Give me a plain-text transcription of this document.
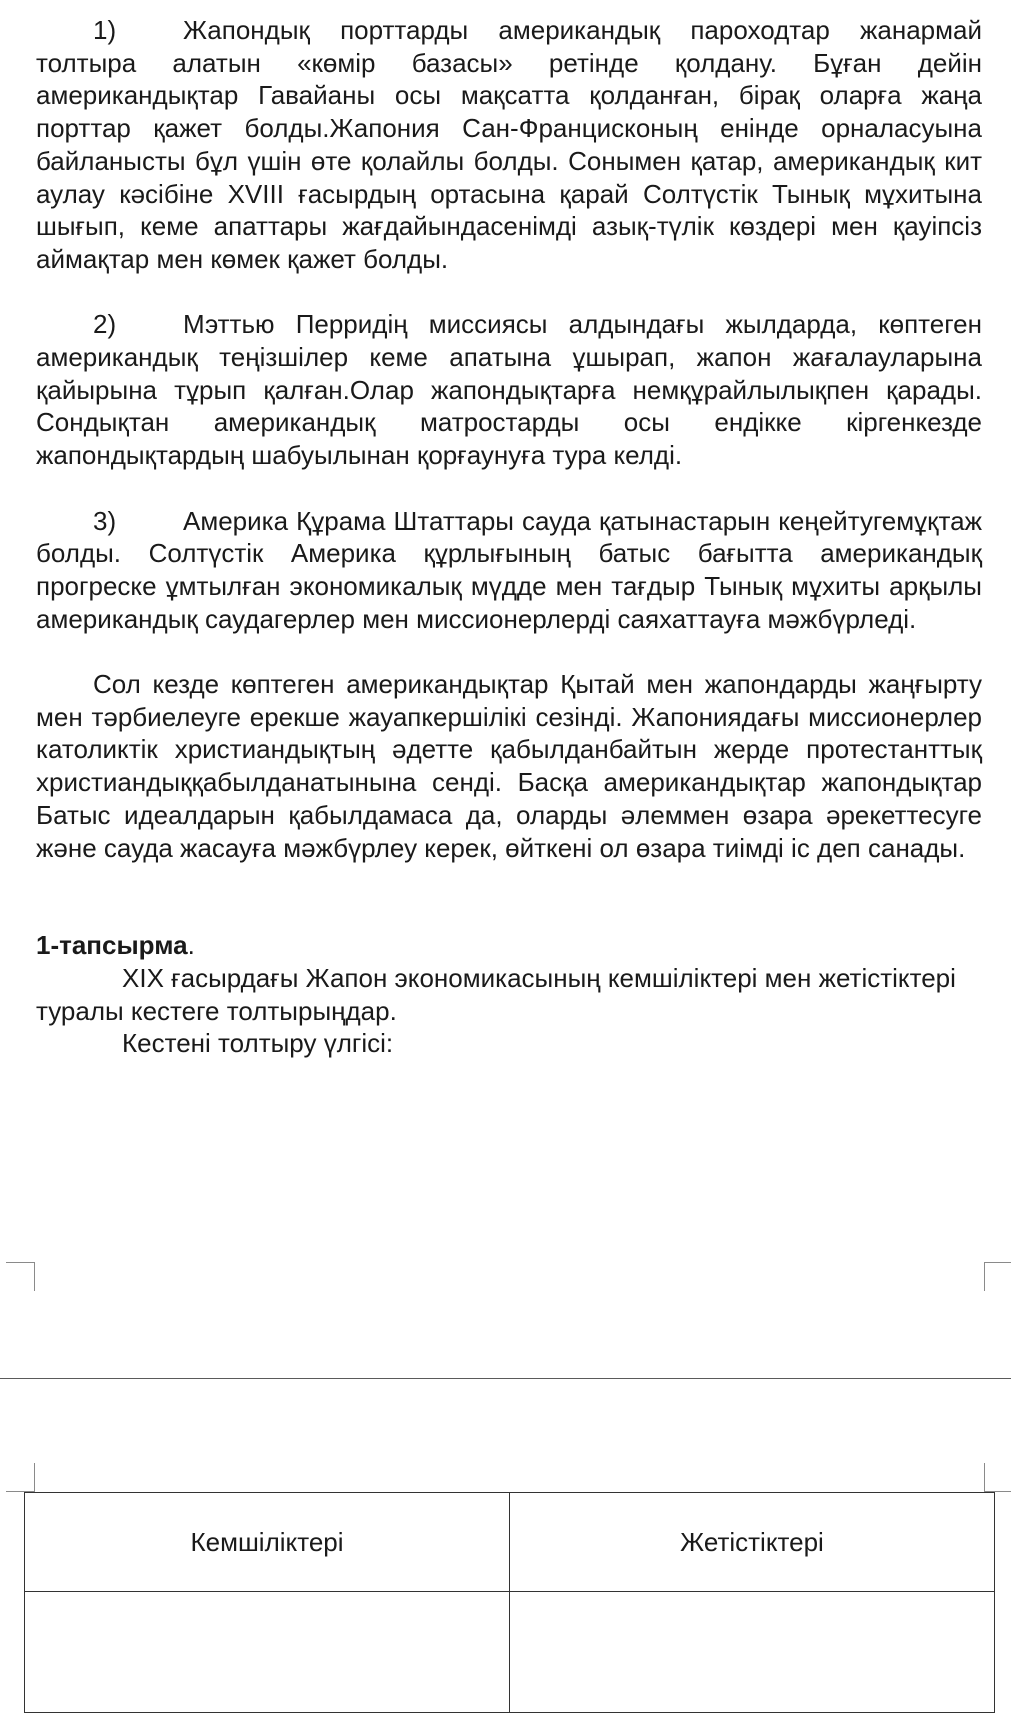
1)	Жапондық порттарды американдық пароходтар жанармай толтыра алатын «көмір базасы» ретінде қолдану. Бұған дейін американдықтар Гавайаны осы мақсатта қолданған, бірақ оларға жаңа порттар қажет болды.Жапония Сан-Францисконың енінде орналасуына байланысты бұл үшін өте қолайлы болды. Сонымен қатар, американдық кит аулау кәсібіне XVIII ғасырдың ортасына қарай Солтүстік Тынық мұхитына шығып, кеме апаттары жағдайындасенімді азық-түлік көздері мен қауіпсіз аймақтар мен көмек қажет болды.

2)	Мэттью Перридің миссиясы алдындағы жылдарда, көптеген американдық теңізшілер кеме апатына ұшырап, жапон жағалауларына қайырына тұрып қалған.Олар жапондықтарға немқұрайлылықпен қарады. Сондықтан американдық матростарды осы ендікке кіргенкезде жапондықтардың шабуылынан қорғаунуға тура келді.

3)	Америка Құрама Штаттары сауда қатынастарын кеңейтугемұқтаж болды. Солтүстік Америка құрлығының батыс бағытта американдық прогреске ұмтылған экономикалық мүдде мен тағдыр Тынық мұхиты арқылы американдық саудагерлер мен миссионерлерді саяхаттауға мәжбүрледі.

Сол кезде көптеген американдықтар Қытай мен жапондарды жаңғырту мен тәрбиелеуге ерекше жауапкершілікі сезінді. Жапониядағы миссионерлер католиктік христиандықтың әдетте қабылданбайтын жерде протестанттық христиандыққабылданатынына сенді. Басқа американдықтар жапондықтар Батыс идеалдарын қабылдамаса да, оларды әлеммен өзара әрекеттесуге және сауда жасауға мәжбүрлеу керек, өйткені ол өзара тиімді іс деп санады.

1-тапсырма.

XIX ғасырдағы Жапон экономикасының кемшіліктері мен жетістіктері туралы кестеге толтырыңдар.

Кестені толтыру үлгісі:

Кемшіліктері	Жетістіктері
